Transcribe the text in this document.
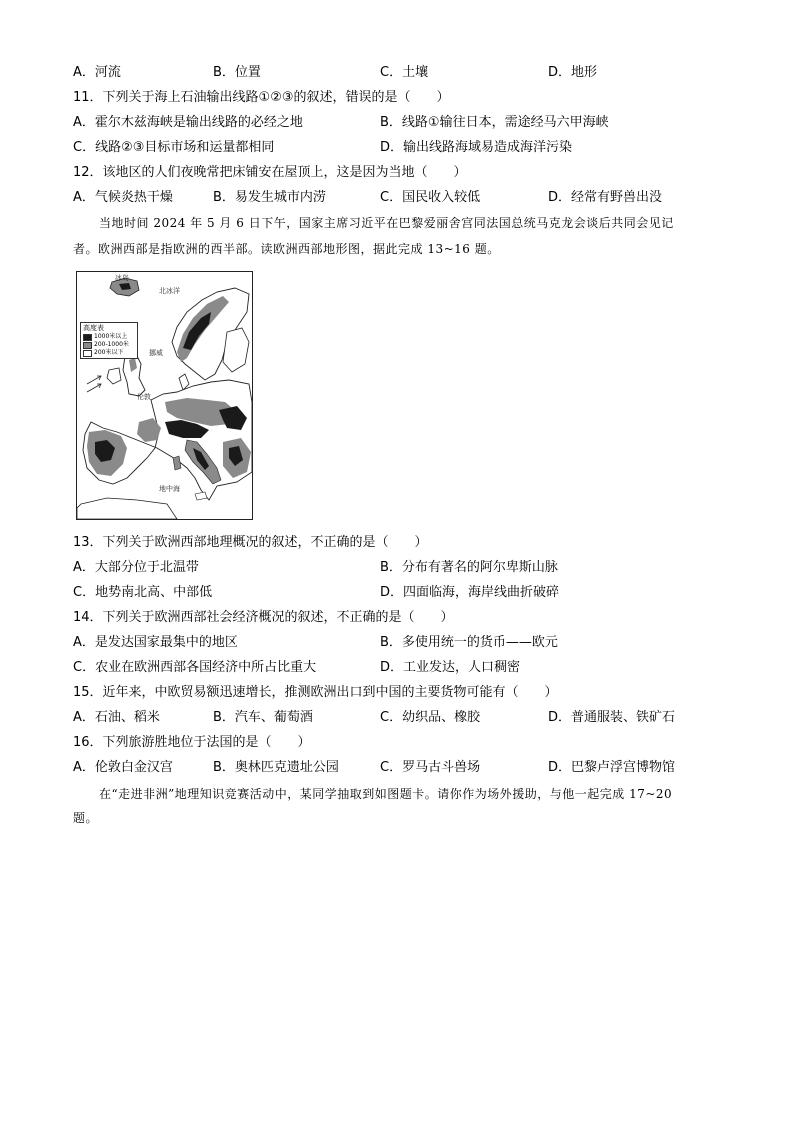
A．河流	B．位置	C．土壤	D．地形
11．下列关于海上石油输出线路①②③的叙述，错误的是（　　）
A．霍尔木兹海峡是输出线路的必经之地	B．线路①输往日本，需途经马六甲海峡
C．线路②③目标市场和运量都相同	D．输出线路海域易造成海洋污染
12．该地区的人们夜晚常把床铺安在屋顶上，这是因为当地（　　）
A．气候炎热干燥	B．易发生城市内涝	C．国民收入较低	D．经常有野兽出没
当地时间 2024 年 5 月 6 日下午，国家主席习近平在巴黎爱丽舍宫同法国总统马克龙会谈后共同会见记
者。欧洲西部是指欧洲的西半部。读欧洲西部地形图，据此完成 13~16 题。
高度表
1000米以上
200-1000米
200米以下
冰岛
北冰洋
挪威
伦敦
地中海
13．下列关于欧洲西部地理概况的叙述，不正确的是（　　）
A．大部分位于北温带	B．分布有著名的阿尔卑斯山脉
C．地势南北高、中部低	D．四面临海，海岸线曲折破碎
14．下列关于欧洲西部社会经济概况的叙述，不正确的是（　　）
A．是发达国家最集中的地区	B．多使用统一的货币——欧元
C．农业在欧洲西部各国经济中所占比重大	D．工业发达，人口稠密
15．近年来，中欧贸易额迅速增长，推测欧洲出口到中国的主要货物可能有（　　）
A．石油、稻米	B．汽车、葡萄酒	C．幼织品、橡胶	D．普通服装、铁矿石
16．下列旅游胜地位于法国的是（　　）
A．伦敦白金汉宫	B．奥林匹克遗址公园	C．罗马古斗兽场	D．巴黎卢浮宫博物馆
在“走进非洲”地理知识竞赛活动中，某同学抽取到如图题卡。请你作为场外援助，与他一起完成 17~20
题。
